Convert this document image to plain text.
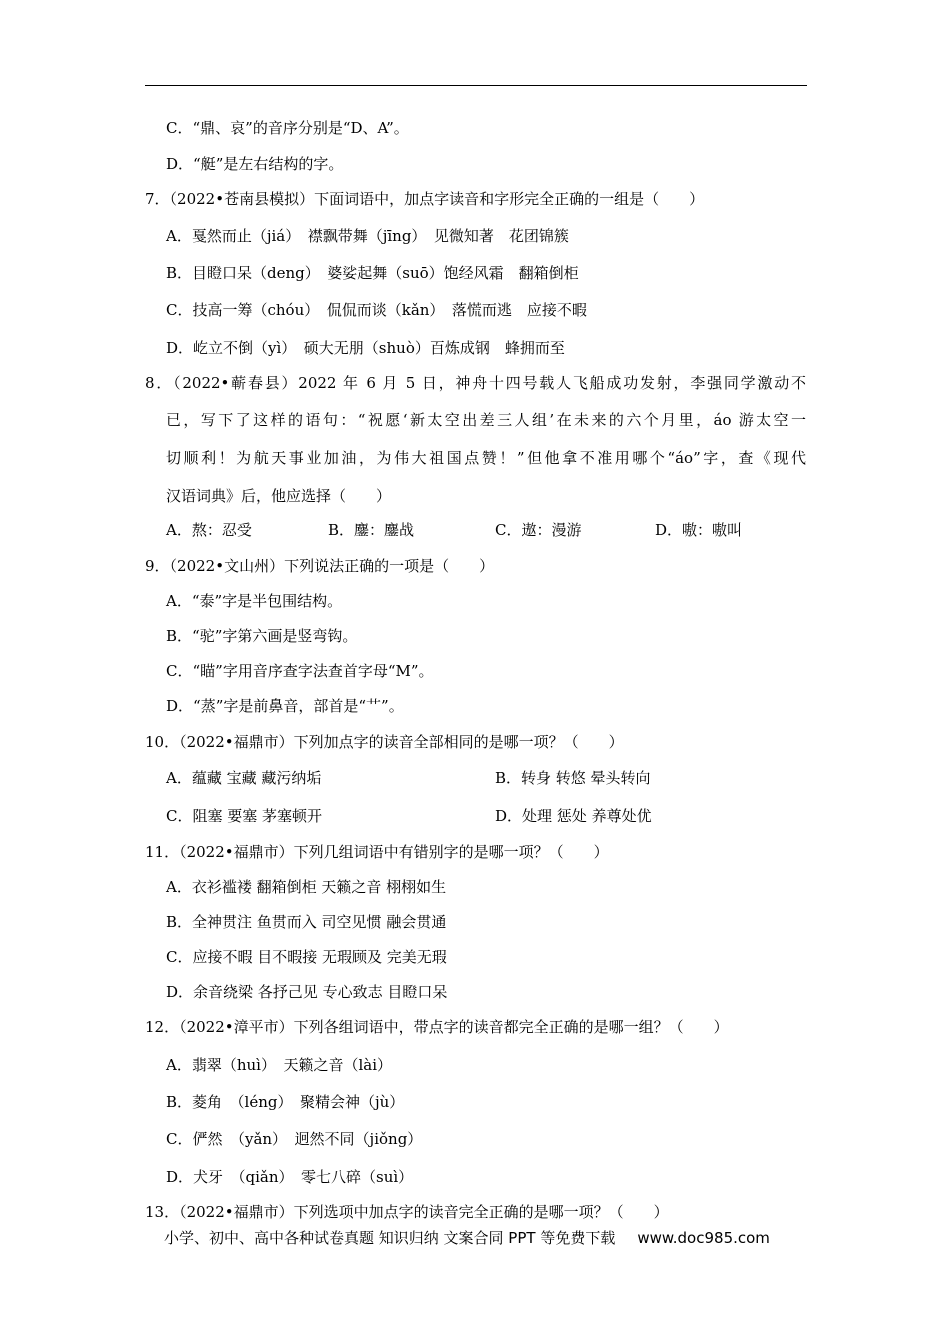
C．“鼎、哀”的音序分别是“D、A”。
D．“艇”是左右结构的字。
7．（2022•苍南县模拟）下面词语中，加点字读音和字形完全正确的一组是（　　）
A．戛然而止（jiá）　襟飘带舞（jīng）　见微知著　花团锦簇
B．目瞪口呆（deng）　婆娑起舞（suō）饱经风霜　翻箱倒柜
C．技高一筹（chóu）　侃侃而谈（kǎn）　落慌而逃　应接不暇
D．屹立不倒（yì）　硕大无朋（shuò）百炼成钢　蜂拥而至
8．（2022•蕲春县）2022 年 6 月 5 日，神舟十四号载人飞船成功发射，李强同学激动不
已，写下了这样的语句：“祝愿‘新太空出差三人组’在未来的六个月里，áo 游太空一
切顺利！为航天事业加油，为伟大祖国点赞！”但他拿不准用哪个“áo”字，查《现代
汉语词典》后，他应选择（　　）
A．熬：忍受	B．鏖：鏖战	C．遨：漫游	D．嗷：嗷叫
9．（2022•文山州）下列说法正确的一项是（　　）
A．“泰”字是半包围结构。
B．“驼”字第六画是竖弯钩。
C．“瞄”字用音序查字法查首字母“M”。
D．“蒸”字是前鼻音，部首是“艹”。
10．（2022•福鼎市）下列加点字的读音全部相同的是哪一项？（　　）
A．蕴藏 宝藏 藏污纳垢	B．转身 转悠 晕头转向
C．阻塞 要塞 茅塞顿开	D．处理 惩处 养尊处优
11．（2022•福鼎市）下列几组词语中有错别字的是哪一项？（　　）
A．衣衫褴褛 翻箱倒柜 天籁之音 栩栩如生
B．全神贯注 鱼贯而入 司空见惯 融会贯通
C．应接不暇 目不暇接 无瑕顾及 完美无瑕
D．余音绕梁 各抒己见 专心致志 目瞪口呆
12．（2022•漳平市）下列各组词语中，带点字的读音都完全正确的是哪一组？（　　）
A．翡翠（huì）　天籁之音（lài）
B．菱角　（léng）　聚精会神（jù）
C．俨然　（yǎn）　迥然不同（jiǒng）
D．犬牙　（qiǎn）　零七八碎（suì）
13．（2022•福鼎市）下列选项中加点字的读音完全正确的是哪一项？（　　）
小学、初中、高中各种试卷真题 知识归纳 文案合同 PPT 等免费下载 www.doc985.com
